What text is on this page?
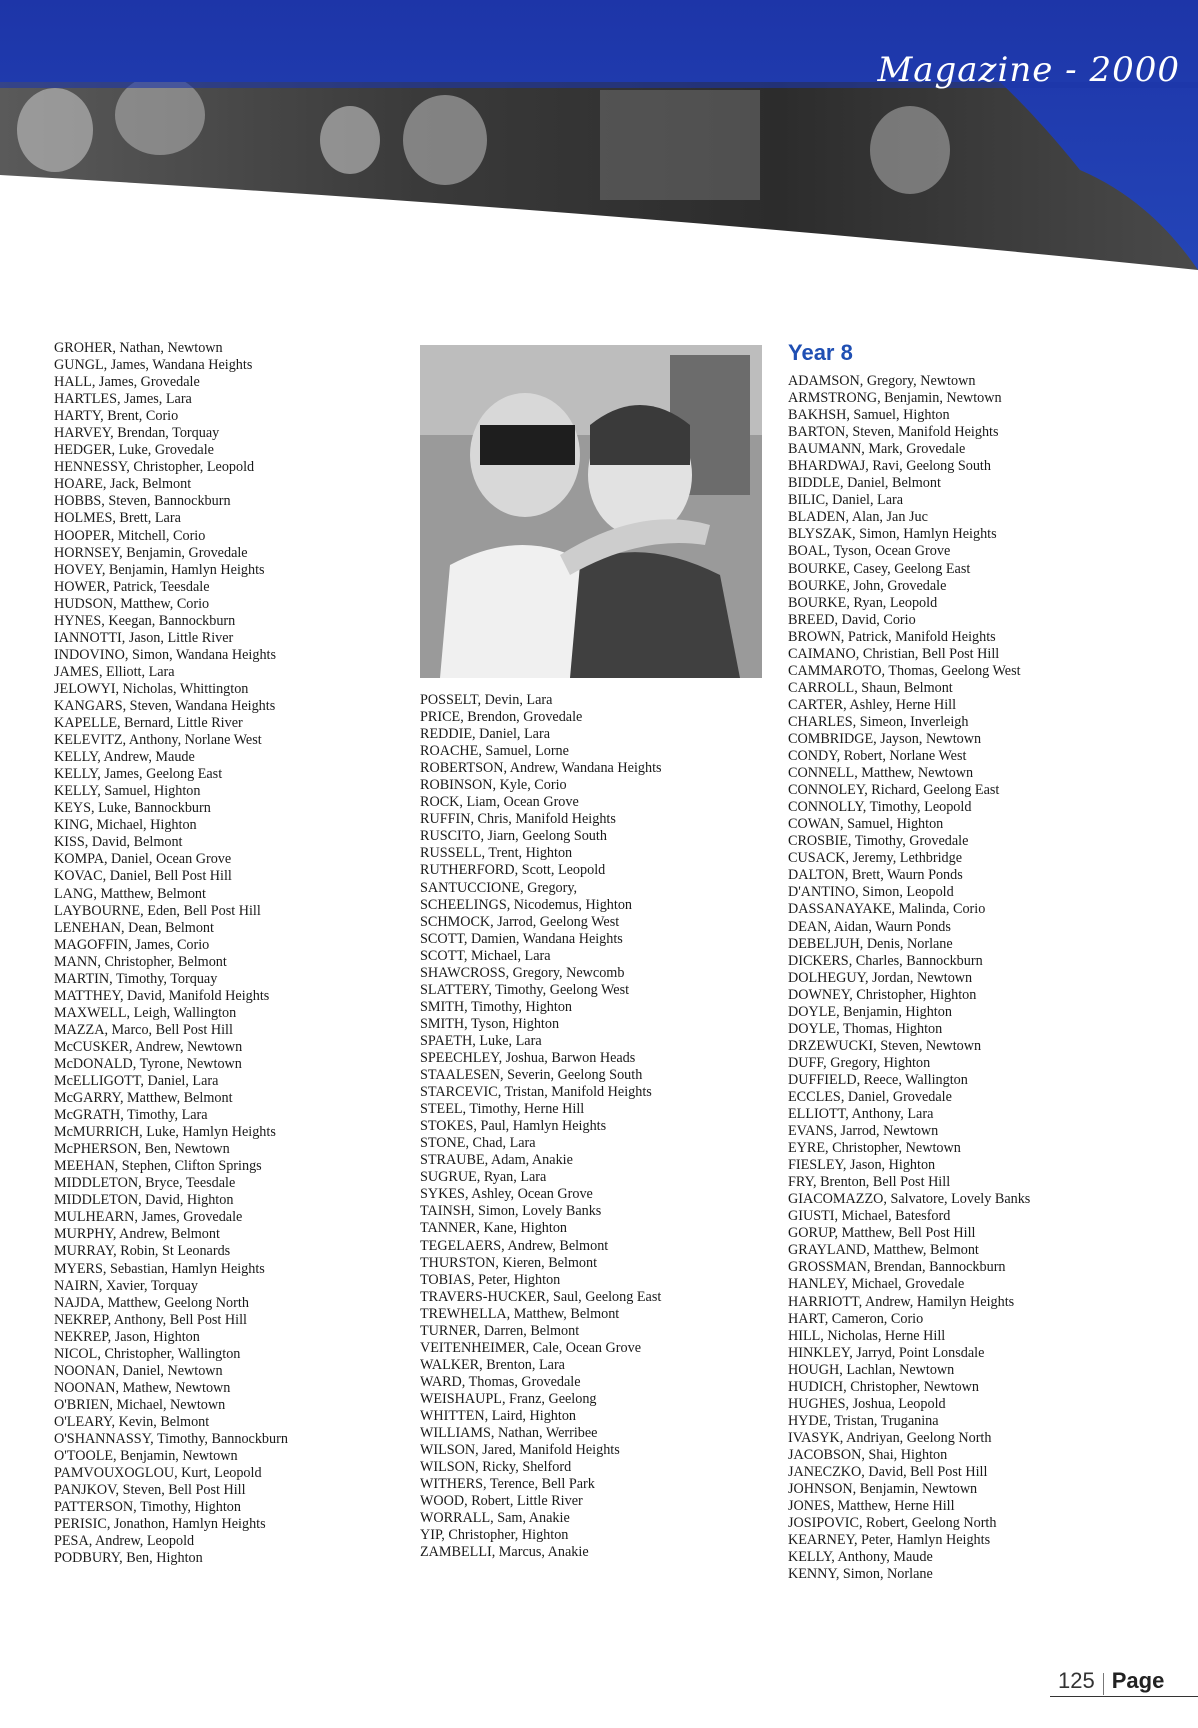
Magazine - 2000
GROHER, Nathan, Newtown
GUNGL, James, Wandana Heights
HALL, James, Grovedale
HARTLES, James, Lara
HARTY, Brent, Corio
HARVEY, Brendan, Torquay
HEDGER, Luke, Grovedale
HENNESSY, Christopher, Leopold
HOARE, Jack, Belmont
HOBBS, Steven, Bannockburn
HOLMES, Brett, Lara
HOOPER, Mitchell, Corio
HORNSEY, Benjamin, Grovedale
HOVEY, Benjamin, Hamlyn Heights
HOWER, Patrick, Teesdale
HUDSON, Matthew, Corio
HYNES, Keegan, Bannockburn
IANNOTTI, Jason, Little River
INDOVINO, Simon, Wandana Heights
JAMES, Elliott, Lara
JELOWYI, Nicholas, Whittington
KANGARS, Steven, Wandana Heights
KAPELLE, Bernard, Little River
KELEVITZ, Anthony, Norlane West
KELLY, Andrew, Maude
KELLY, James, Geelong East
KELLY, Samuel, Highton
KEYS, Luke, Bannockburn
KING, Michael, Highton
KISS, David, Belmont
KOMPA, Daniel, Ocean Grove
KOVAC, Daniel, Bell Post Hill
LANG, Matthew, Belmont
LAYBOURNE, Eden, Bell Post Hill
LENEHAN, Dean, Belmont
MAGOFFIN, James, Corio
MANN, Christopher, Belmont
MARTIN, Timothy, Torquay
MATTHEY, David, Manifold Heights
MAXWELL, Leigh, Wallington
MAZZA, Marco, Bell Post Hill
McCUSKER, Andrew, Newtown
McDONALD, Tyrone, Newtown
McELLIGOTT, Daniel, Lara
McGARRY, Matthew, Belmont
McGRATH, Timothy, Lara
McMURRICH, Luke, Hamlyn Heights
McPHERSON, Ben, Newtown
MEEHAN, Stephen, Clifton Springs
MIDDLETON, Bryce, Teesdale
MIDDLETON, David, Highton
MULHEARN, James, Grovedale
MURPHY, Andrew, Belmont
MURRAY, Robin, St Leonards
MYERS, Sebastian, Hamlyn Heights
NAIRN, Xavier, Torquay
NAJDA, Matthew, Geelong North
NEKREP, Anthony, Bell Post Hill
NEKREP, Jason, Highton
NICOL, Christopher, Wallington
NOONAN, Daniel, Newtown
NOONAN, Mathew, Newtown
O'BRIEN, Michael, Newtown
O'LEARY, Kevin, Belmont
O'SHANNASSY, Timothy, Bannockburn
O'TOOLE, Benjamin, Newtown
PAMVOUXOGLOU, Kurt, Leopold
PANJKOV, Steven, Bell Post Hill
PATTERSON, Timothy, Highton
PERISIC, Jonathon, Hamlyn Heights
PESA, Andrew, Leopold
PODBURY, Ben, Highton
POSSELT, Devin, Lara
PRICE, Brendon, Grovedale
REDDIE, Daniel, Lara
ROACHE, Samuel, Lorne
ROBERTSON, Andrew, Wandana Heights
ROBINSON, Kyle, Corio
ROCK, Liam, Ocean Grove
RUFFIN, Chris, Manifold Heights
RUSCITO, Jiarn, Geelong South
RUSSELL, Trent, Highton
RUTHERFORD, Scott, Leopold
SANTUCCIONE, Gregory,
SCHEELINGS, Nicodemus, Highton
SCHMOCK, Jarrod, Geelong West
SCOTT, Damien, Wandana Heights
SCOTT, Michael, Lara
SHAWCROSS, Gregory, Newcomb
SLATTERY, Timothy, Geelong West
SMITH, Timothy, Highton
SMITH, Tyson, Highton
SPAETH, Luke, Lara
SPEECHLEY, Joshua, Barwon Heads
STAALESEN, Severin, Geelong South
STARCEVIC, Tristan, Manifold Heights
STEEL, Timothy, Herne Hill
STOKES, Paul, Hamlyn Heights
STONE, Chad, Lara
STRAUBE, Adam, Anakie
SUGRUE, Ryan, Lara
SYKES, Ashley, Ocean Grove
TAINSH, Simon, Lovely Banks
TANNER, Kane, Highton
TEGELAERS, Andrew, Belmont
THURSTON, Kieren, Belmont
TOBIAS, Peter, Highton
TRAVERS-HUCKER, Saul, Geelong East
TREWHELLA, Matthew, Belmont
TURNER, Darren, Belmont
VEITENHEIMER, Cale, Ocean Grove
WALKER, Brenton, Lara
WARD, Thomas, Grovedale
WEISHAUPL, Franz, Geelong
WHITTEN, Laird, Highton
WILLIAMS, Nathan, Werribee
WILSON, Jared, Manifold Heights
WILSON, Ricky, Shelford
WITHERS, Terence, Bell Park
WOOD, Robert, Little River
WORRALL, Sam, Anakie
YIP, Christopher, Highton
ZAMBELLI, Marcus, Anakie
Year 8
ADAMSON, Gregory, Newtown
ARMSTRONG, Benjamin, Newtown
BAKHSH, Samuel, Highton
BARTON, Steven, Manifold Heights
BAUMANN, Mark, Grovedale
BHARDWAJ, Ravi, Geelong South
BIDDLE, Daniel, Belmont
BILIC, Daniel, Lara
BLADEN, Alan, Jan Juc
BLYSZAK, Simon, Hamlyn Heights
BOAL, Tyson, Ocean Grove
BOURKE, Casey, Geelong East
BOURKE, John, Grovedale
BOURKE, Ryan, Leopold
BREED, David, Corio
BROWN, Patrick, Manifold Heights
CAIMANO, Christian, Bell Post Hill
CAMMAROTO, Thomas, Geelong West
CARROLL, Shaun, Belmont
CARTER, Ashley, Herne Hill
CHARLES, Simeon, Inverleigh
COMBRIDGE, Jayson, Newtown
CONDY, Robert, Norlane West
CONNELL, Matthew, Newtown
CONNOLEY, Richard, Geelong East
CONNOLLY, Timothy, Leopold
COWAN, Samuel, Highton
CROSBIE, Timothy, Grovedale
CUSACK, Jeremy, Lethbridge
DALTON, Brett, Waurn Ponds
D'ANTINO, Simon, Leopold
DASSANAYAKE, Malinda, Corio
DEAN, Aidan, Waurn Ponds
DEBELJUH, Denis, Norlane
DICKERS, Charles, Bannockburn
DOLHEGUY, Jordan, Newtown
DOWNEY, Christopher, Highton
DOYLE, Benjamin, Highton
DOYLE, Thomas, Highton
DRZEWUCKI, Steven, Newtown
DUFF, Gregory, Highton
DUFFIELD, Reece, Wallington
ECCLES, Daniel, Grovedale
ELLIOTT, Anthony, Lara
EVANS, Jarrod, Newtown
EYRE, Christopher, Newtown
FIESLEY, Jason, Highton
FRY, Brenton, Bell Post Hill
GIACOMAZZO, Salvatore, Lovely Banks
GIUSTI, Michael, Batesford
GORUP, Matthew, Bell Post Hill
GRAYLAND, Matthew, Belmont
GROSSMAN, Brendan, Bannockburn
HANLEY, Michael, Grovedale
HARRIOTT, Andrew, Hamilyn Heights
HART, Cameron, Corio
HILL, Nicholas, Herne Hill
HINKLEY, Jarryd, Point Lonsdale
HOUGH, Lachlan, Newtown
HUDICH, Christopher, Newtown
HUGHES, Joshua, Leopold
HYDE, Tristan, Truganina
IVASYK, Andriyan, Geelong North
JACOBSON, Shai, Highton
JANECZKO, David, Bell Post Hill
JOHNSON, Benjamin, Newtown
JONES, Matthew, Herne Hill
JOSIPOVIC, Robert, Geelong North
KEARNEY, Peter, Hamlyn Heights
KELLY, Anthony, Maude
KENNY, Simon, Norlane
125 Page
